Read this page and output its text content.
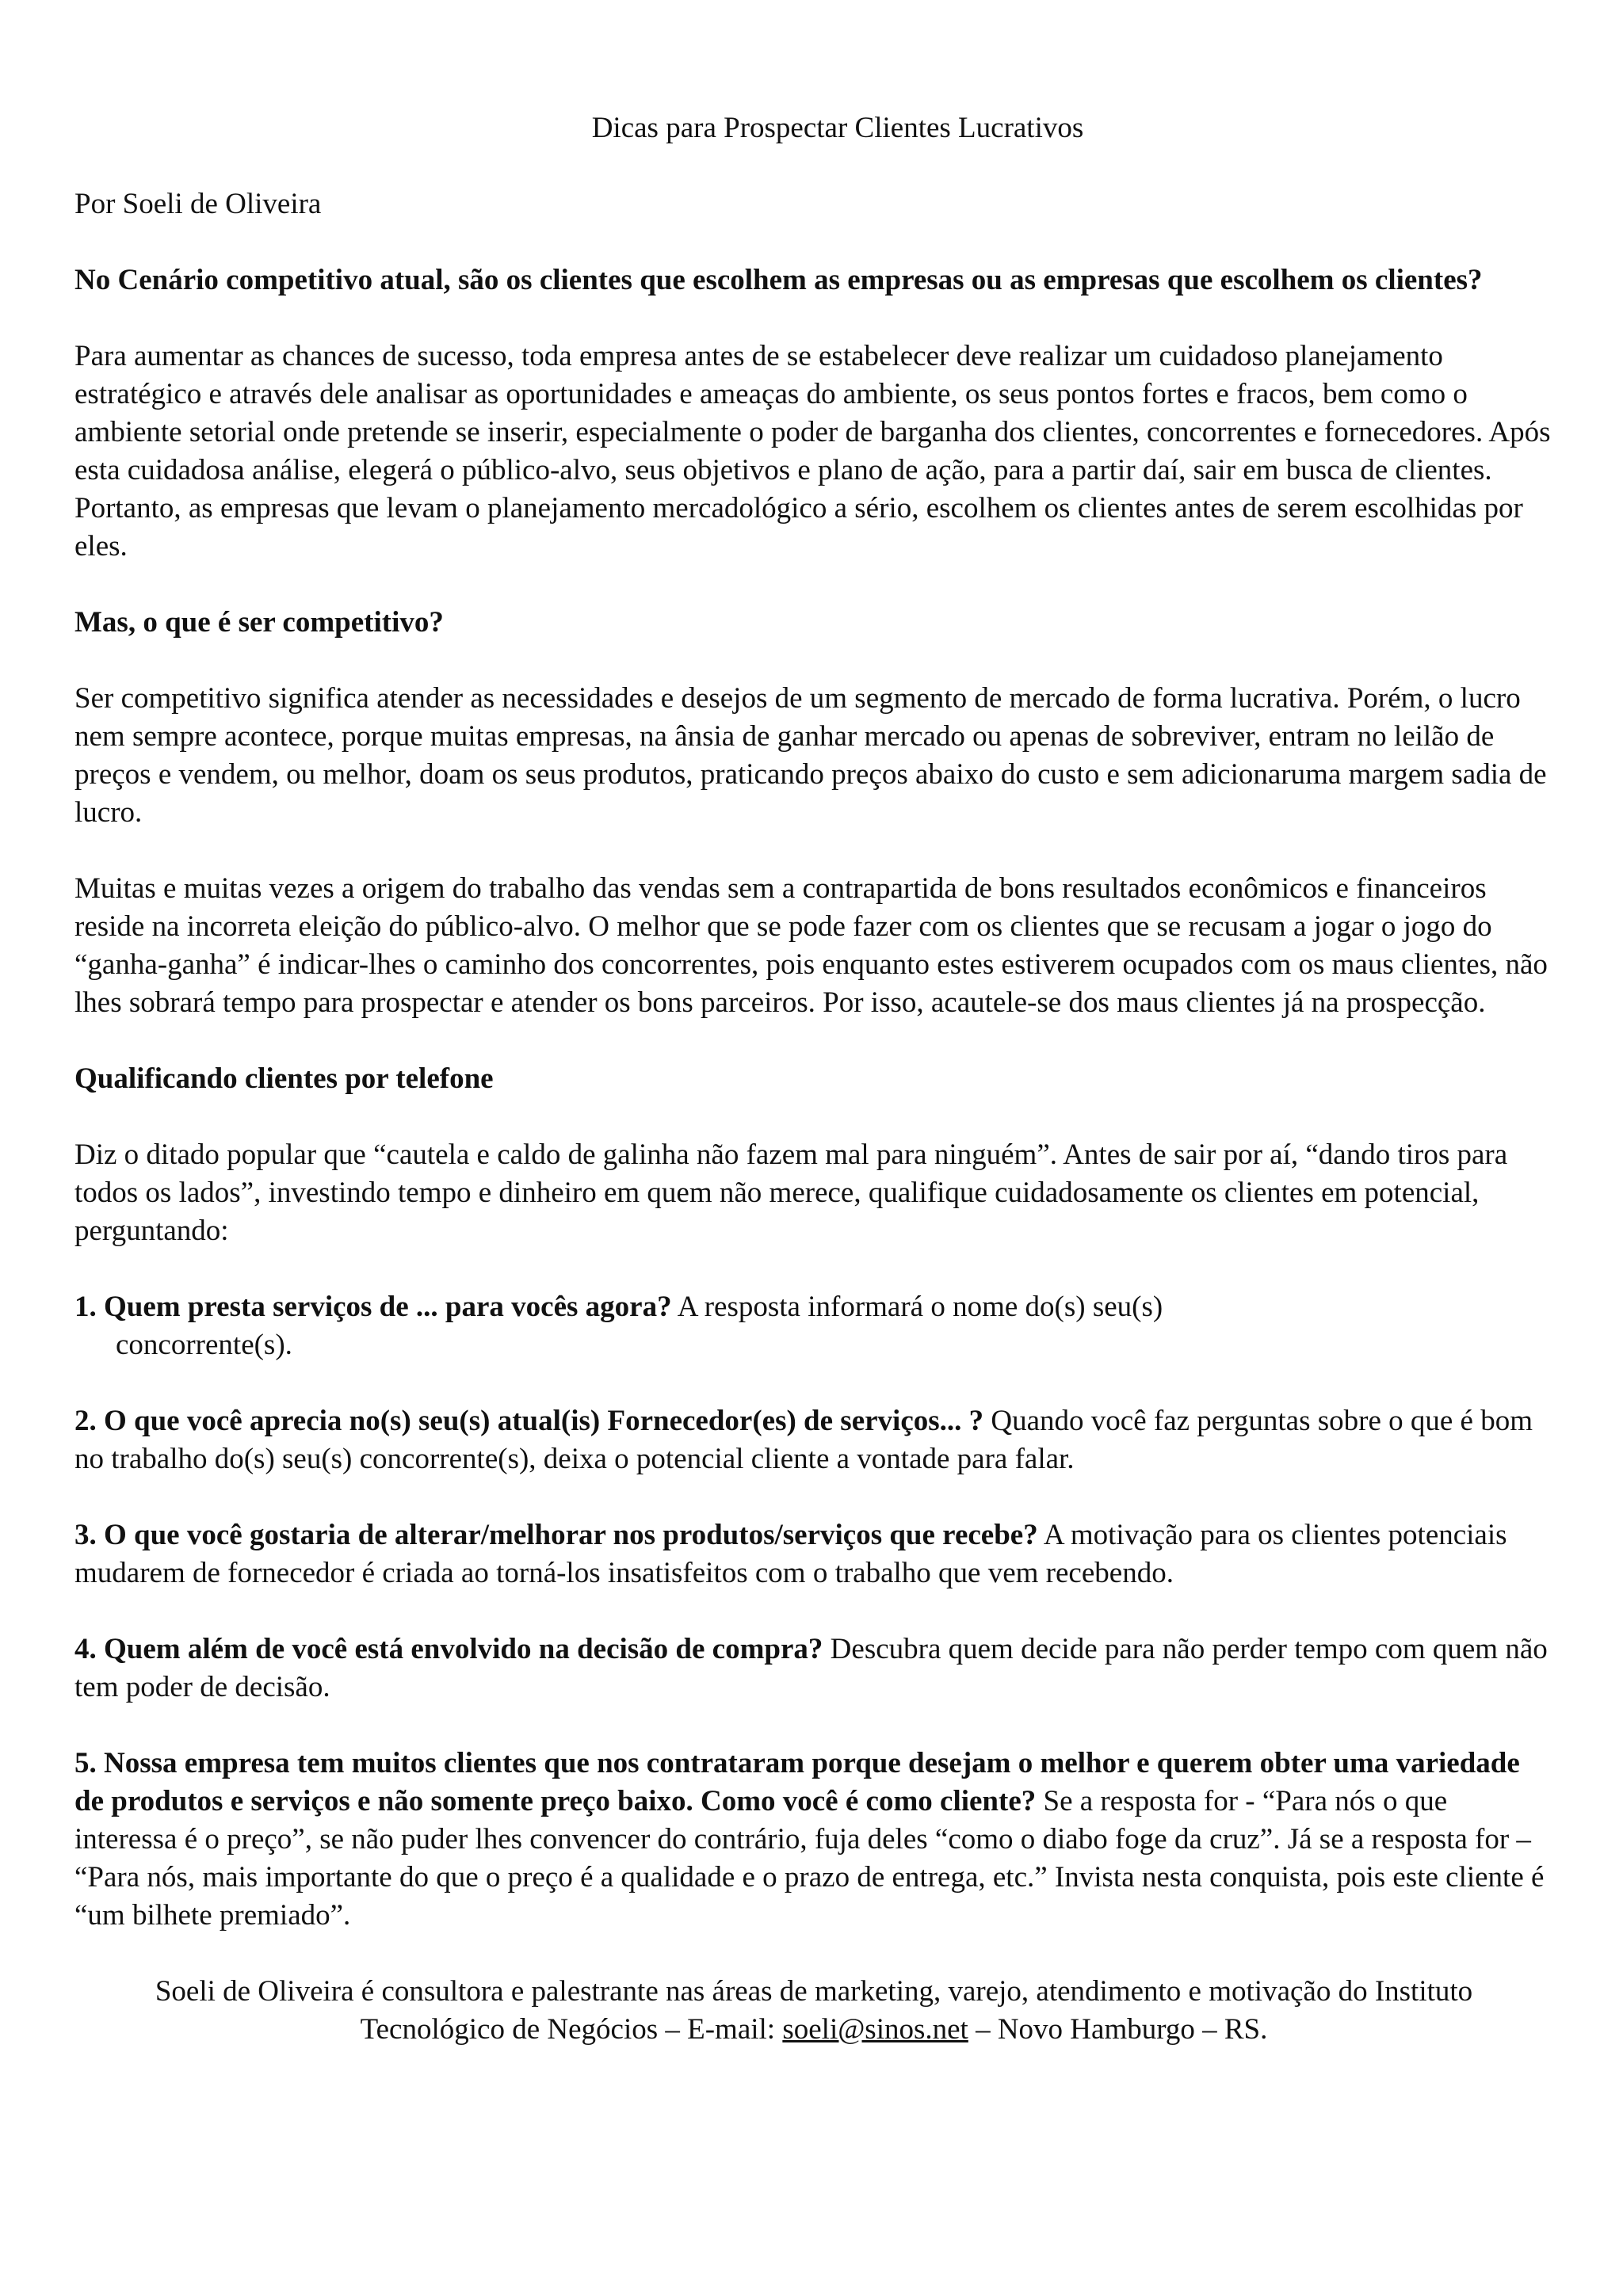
Dicas para Prospectar Clientes Lucrativos

Por Soeli de Oliveira

No Cenário competitivo atual, são os clientes que escolhem as empresas ou as empresas que escolhem os clientes?

Para aumentar as chances de sucesso, toda empresa antes de se estabelecer deve realizar um cuidadoso planejamento estratégico e através dele analisar as oportunidades e ameaças do ambiente, os seus pontos fortes e fracos, bem como o ambiente setorial onde pretende se inserir, especialmente o poder de barganha dos clientes, concorrentes e fornecedores. Após esta cuidadosa análise, elegerá o público-alvo, seus objetivos e plano de ação, para a partir daí, sair em busca de clientes. Portanto, as empresas que levam o planejamento mercadológico a sério, escolhem os clientes antes de serem escolhidas por eles.

Mas, o que é ser competitivo?

Ser competitivo significa atender as necessidades e desejos de um segmento de mercado de forma lucrativa. Porém, o lucro nem sempre acontece, porque muitas empresas, na ânsia de ganhar mercado ou apenas de sobreviver, entram no leilão de preços e vendem, ou melhor, doam os seus produtos, praticando preços abaixo do custo e sem adicionaruma margem sadia de lucro.

Muitas e muitas vezes a origem do trabalho das vendas sem a contrapartida de bons resultados econômicos e financeiros reside na incorreta eleição do público-alvo. O melhor que se pode fazer com os clientes que se recusam a jogar o jogo do “ganha-ganha” é indicar-lhes o caminho dos concorrentes, pois enquanto estes estiverem ocupados com os maus clientes, não lhes sobrará tempo para prospectar e atender os bons parceiros. Por isso, acautele-se dos maus clientes já na prospecção.

Qualificando clientes por telefone

Diz o ditado popular que “cautela e caldo de galinha não fazem mal para ninguém”. Antes de sair por aí, “dando tiros para todos os lados”, investindo tempo e dinheiro em quem não merece, qualifique cuidadosamente os clientes em potencial, perguntando:

1. Quem presta serviços de ... para vocês agora? A resposta informará o nome do(s) seu(s)
concorrente(s).

2. O que você aprecia no(s) seu(s) atual(is) Fornecedor(es) de serviços... ? Quando você faz perguntas sobre o que é bom no trabalho do(s) seu(s) concorrente(s), deixa o potencial cliente a vontade para falar.

3. O que você gostaria de alterar/melhorar nos produtos/serviços que recebe? A motivação para os clientes potenciais mudarem de fornecedor é criada ao torná-los insatisfeitos com o trabalho que vem recebendo.

4. Quem além de você está envolvido na decisão de compra? Descubra quem decide para não perder tempo com quem não tem poder de decisão.

5. Nossa empresa tem muitos clientes que nos contrataram porque desejam o melhor e querem obter uma variedade de produtos e serviços e não somente preço baixo. Como você é como cliente? Se a resposta for - “Para nós o que interessa é o preço”, se não puder lhes convencer do contrário, fuja deles “como o diabo foge da cruz”. Já se a resposta for – “Para nós, mais importante do que o preço é a qualidade e o prazo de entrega, etc.” Invista nesta conquista, pois este cliente é “um bilhete premiado”.

Soeli de Oliveira é consultora e palestrante nas áreas de marketing, varejo, atendimento e motivação do Instituto
Tecnológico de Negócios – E-mail: soeli@sinos.net – Novo Hamburgo – RS.
